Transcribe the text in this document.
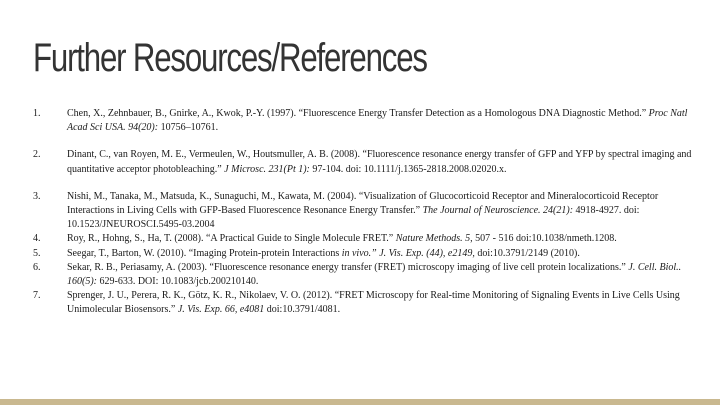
Further Resources/References
1.	Chen, X., Zehnbauer, B., Gnirke, A., Kwok, P.-Y. (1997). “Fluorescence Energy Transfer Detection as a Homologous DNA Diagnostic Method.” Proc Natl Acad Sci USA. 94(20): 10756–10761.
2.	Dinant, C., van Royen, M. E., Vermeulen, W., Houtsmuller, A. B. (2008). “Fluorescence resonance energy transfer of GFP and YFP by spectral imaging and quantitative acceptor photobleaching.” J Microsc. 231(Pt 1): 97-104. doi: 10.1111/j.1365-2818.2008.02020.x.
3.	Nishi, M., Tanaka, M., Matsuda, K., Sunaguchi, M., Kawata, M. (2004). “Visualization of Glucocorticoid Receptor and Mineralocorticoid Receptor Interactions in Living Cells with GFP-Based Fluorescence Resonance Energy Transfer.” The Journal of Neuroscience. 24(21): 4918-4927. doi: 10.1523/JNEUROSCI.5495-03.2004
4.	Roy, R., Hohng, S., Ha, T. (2008). “A Practical Guide to Single Molecule FRET.” Nature Methods. 5, 507 - 516 doi:10.1038/nmeth.1208.
5.	Seegar, T., Barton, W. (2010). “Imaging Protein-protein Interactions in vivo.” J. Vis. Exp. (44), e2149, doi:10.3791/2149 (2010).
6.	Sekar, R. B., Periasamy, A. (2003). “Fluorescence resonance energy transfer (FRET) microscopy imaging of live cell protein localizations.” J. Cell. Biol.. 160(5): 629-633. DOI: 10.1083/jcb.200210140.
7.	Sprenger, J. U., Perera, R. K., Götz, K. R., Nikolaev, V. O. (2012). “FRET Microscopy for Real-time Monitoring of Signaling Events in Live Cells Using Unimolecular Biosensors.” J. Vis. Exp. 66, e4081 doi:10.3791/4081.
